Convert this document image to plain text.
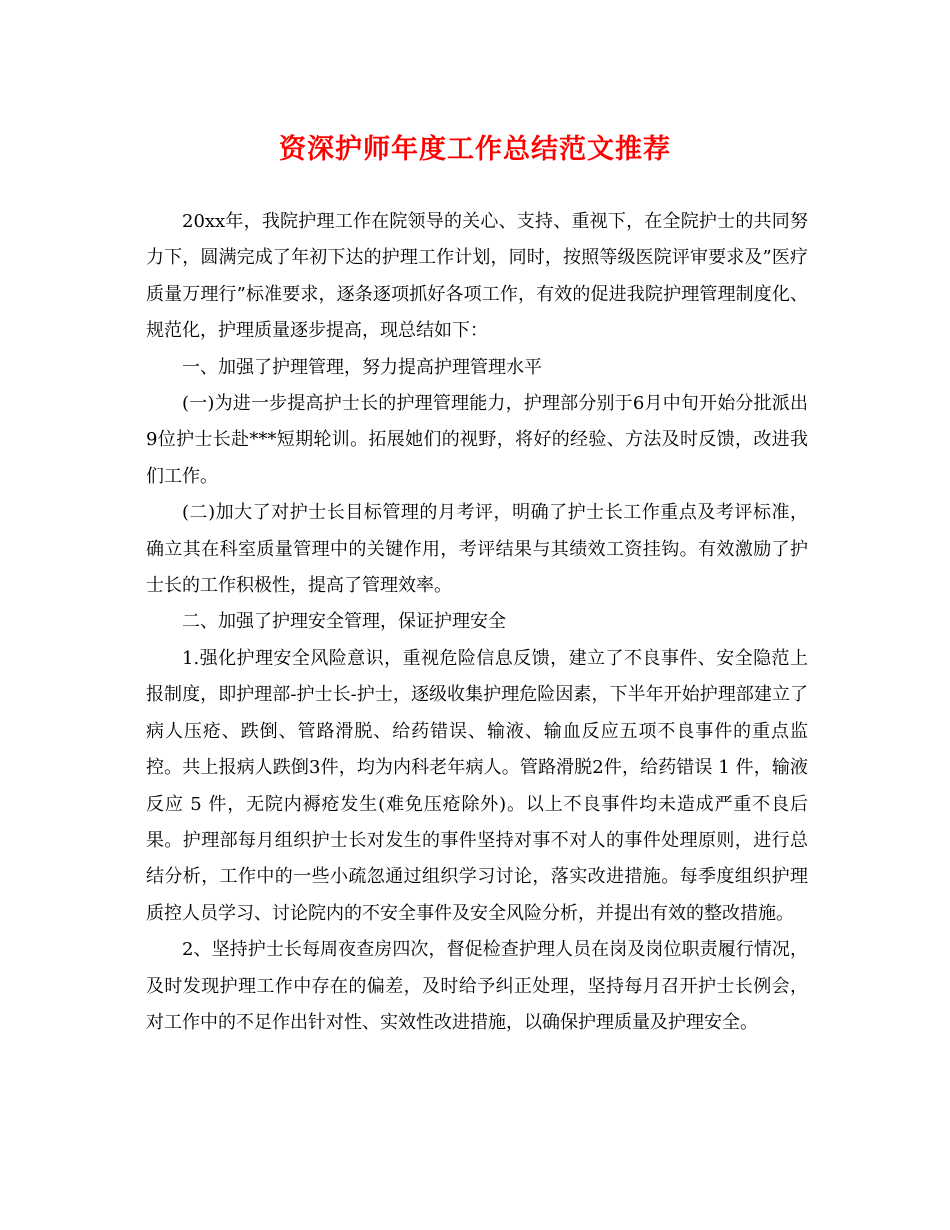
资深护师年度工作总结范文推荐

20xx年，我院护理工作在院领导的关心、支持、重视下，在全院护士的共同努力下，圆满完成了年初下达的护理工作计划，同时，按照等级医院评审要求及”医疗质量万理行”标准要求，逐条逐项抓好各项工作，有效的促进我院护理管理制度化、规范化，护理质量逐步提高，现总结如下：

一、加强了护理管理，努力提高护理管理水平

(一)为进一步提高护士长的护理管理能力，护理部分别于6月中旬开始分批派出9位护士长赴***短期轮训。拓展她们的视野，将好的经验、方法及时反馈，改进我们工作。

(二)加大了对护士长目标管理的月考评，明确了护士长工作重点及考评标准，确立其在科室质量管理中的关键作用，考评结果与其绩效工资挂钩。有效激励了护士长的工作积极性，提高了管理效率。

二、加强了护理安全管理，保证护理安全

1.强化护理安全风险意识，重视危险信息反馈，建立了不良事件、安全隐范上报制度，即护理部-护士长-护士，逐级收集护理危险因素，下半年开始护理部建立了病人压疮、跌倒、管路滑脱、给药错误、输液、输血反应五项不良事件的重点监控。共上报病人跌倒3件，均为内科老年病人。管路滑脱2件，给药错误 1 件，输液反应 5 件，无院内褥疮发生(难免压疮除外)。以上不良事件均未造成严重不良后果。护理部每月组织护士长对发生的事件坚持对事不对人的事件处理原则，进行总结分析，工作中的一些小疏忽通过组织学习讨论，落实改进措施。每季度组织护理质控人员学习、讨论院内的不安全事件及安全风险分析，并提出有效的整改措施。

2、坚持护士长每周夜查房四次，督促检查护理人员在岗及岗位职责履行情况，及时发现护理工作中存在的偏差，及时给予纠正处理，坚持每月召开护士长例会，对工作中的不足作出针对性、实效性改进措施，以确保护理质量及护理安全。
